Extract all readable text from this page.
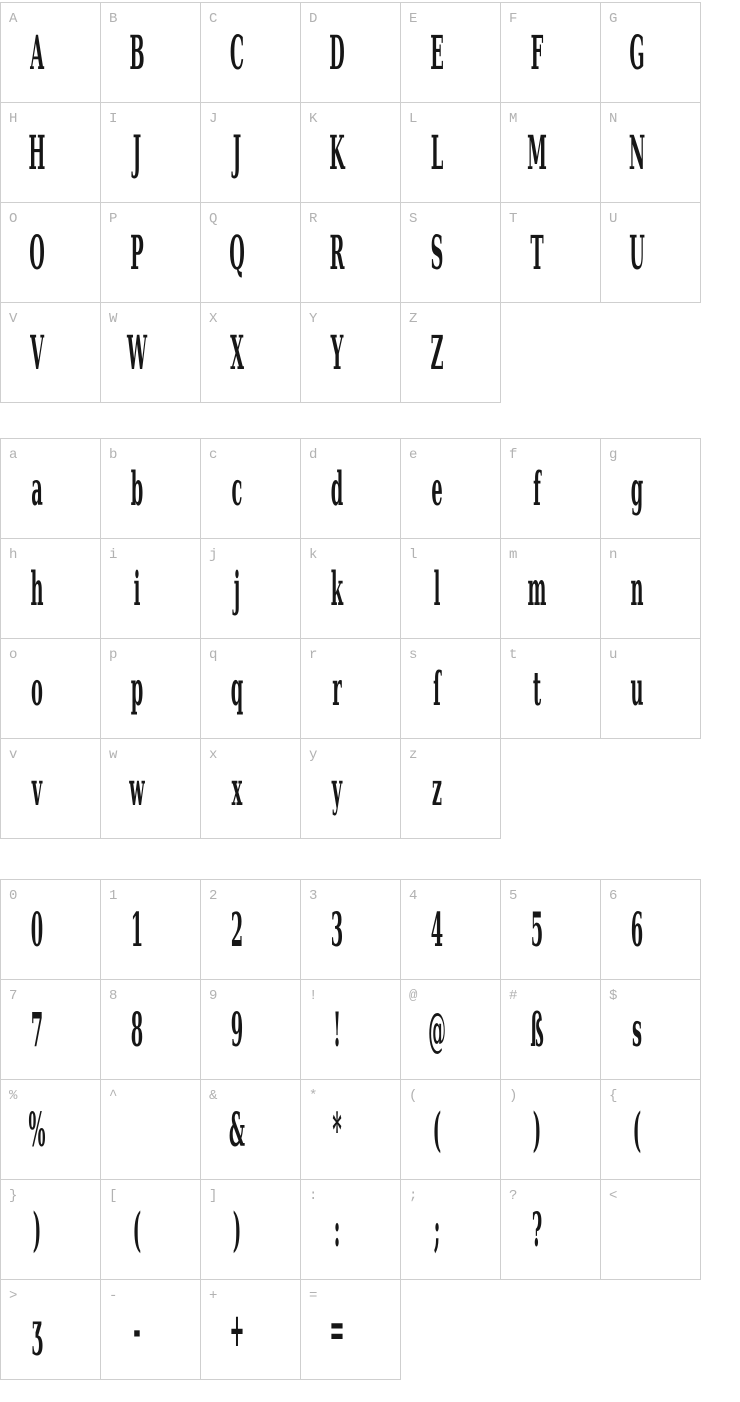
A
A
B
B
C
C
D
D
E
E
F
F
G
G
H
H
I
J
J
J
K
K
L
L
M
M
N
N
O
O
P
P
Q
Q
R
R
S
S
T
T
U
U
V
V
W
W
X
X
Y
Y
Z
Z
a
a
b
b
c
c
d
d
e
e
f
f
g
g
h
h
i
i
j
j
k
k
l
l
m
m
n
n
o
o
p
p
q
q
r
r
s
ſ
t
t
u
u
v
v
w
w
x
x
y
y
z
z
0
0
1
1
2
2
3
3
4
4
5
5
6
6
7
7
8
8
9
9
!
!
@
@
#
ß
$
s
%
%
^	&
&
*
*
(
(
)
)
{
(
}
)
[
(
]
)
:
:
;
;
?
?
<
>
ʒ
-
-
+
+
=
=
